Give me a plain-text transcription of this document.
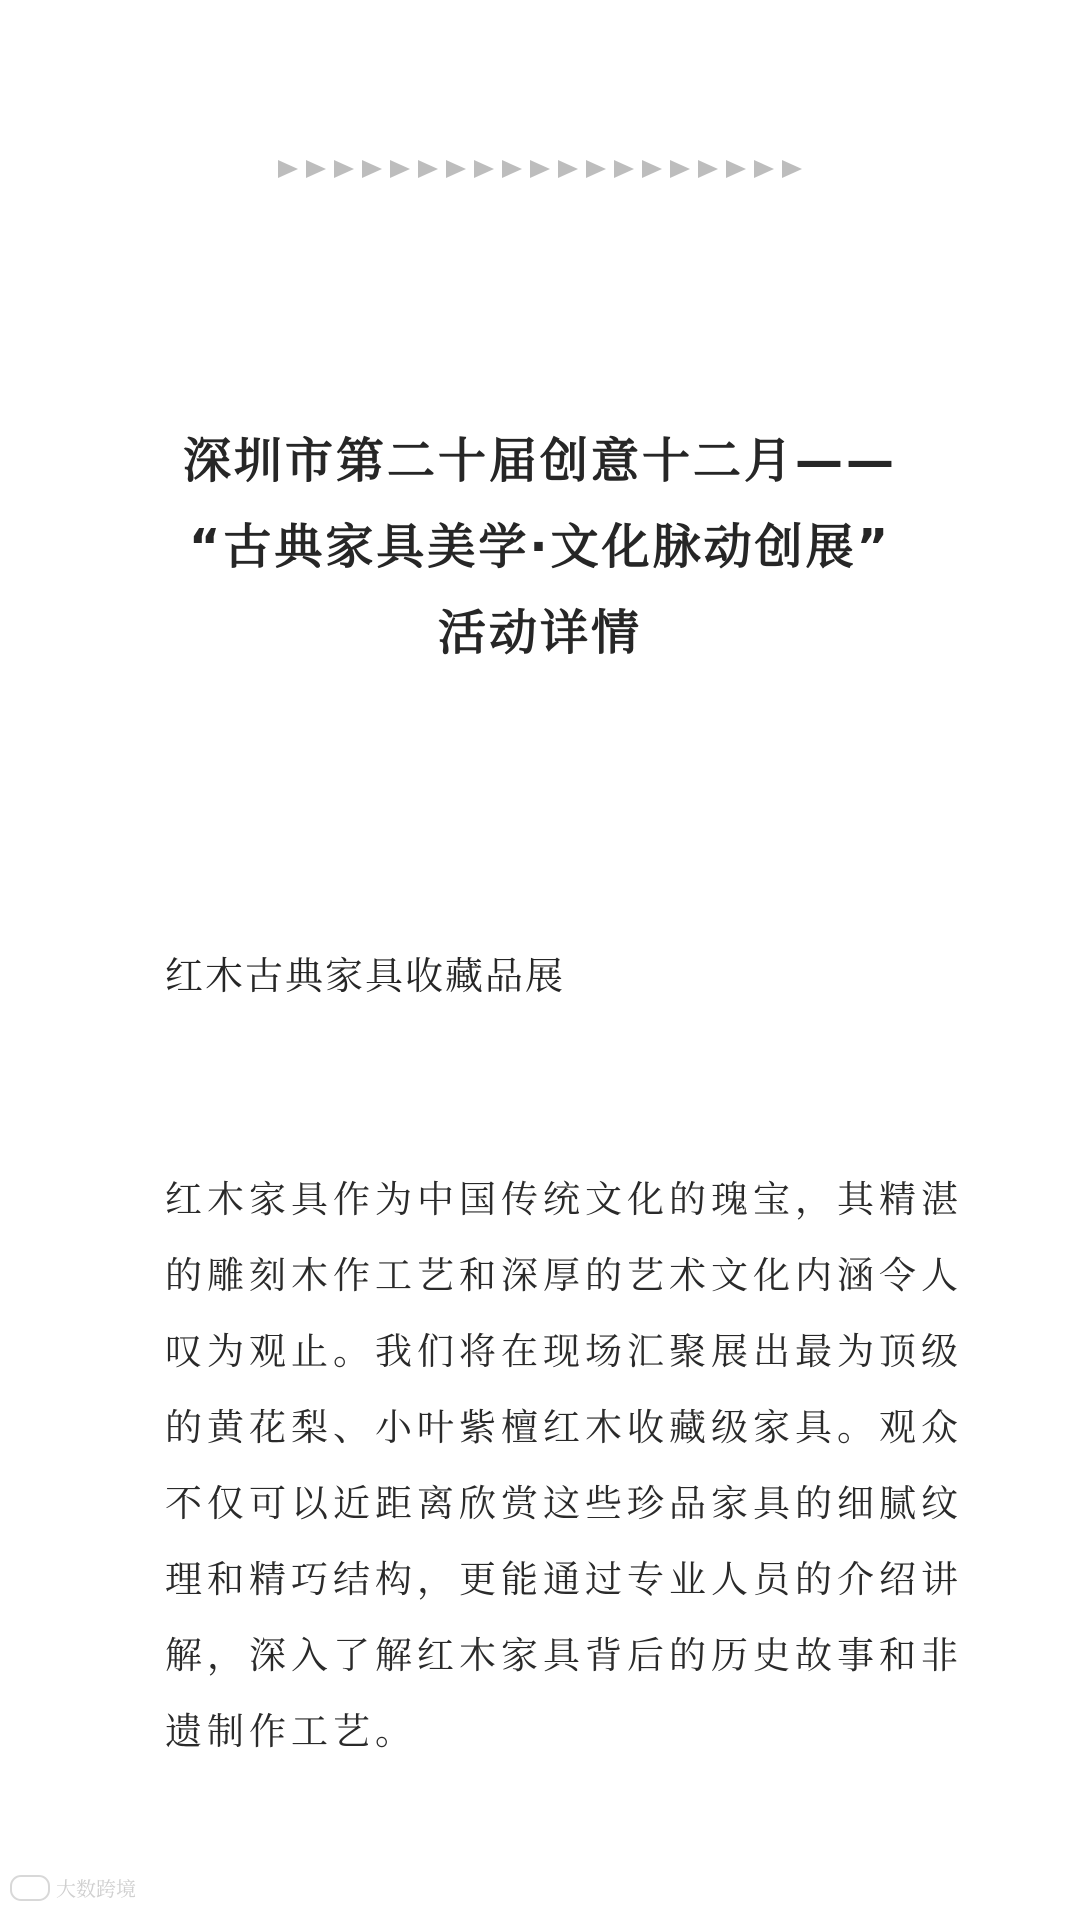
深圳市第二十届创意十二月——
“古典家具美学·文化脉动创展”
活动详情
红木古典家具收藏品展
红木家具作为中国传统文化的瑰宝，其精湛
的雕刻木作工艺和深厚的艺术文化内涵令人
叹为观止。我们将在现场汇聚展出最为顶级
的黄花梨、小叶紫檀红木收藏级家具。观众
不仅可以近距离欣赏这些珍品家具的细腻纹
理和精巧结构，更能通过专业人员的介绍讲
解，深入了解红木家具背后的历史故事和非
遗制作工艺。
大数跨境
